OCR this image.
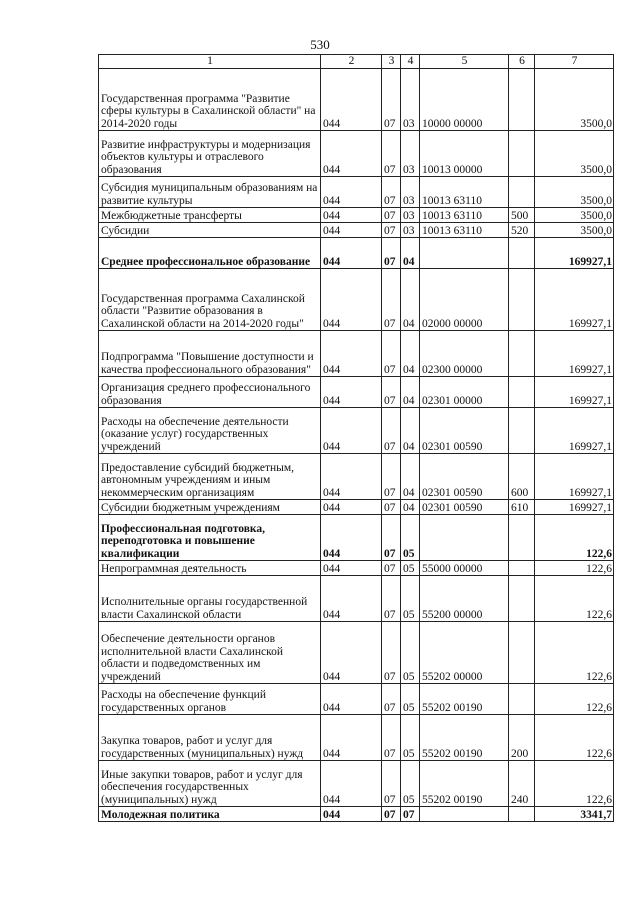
530
1	2	3	4	5	6	7
Государственная программа "Развитие сферы культуры в Сахалинской области" на 2014-2020 годы	044	07	03	10000 00000		3500,0
Развитие инфраструктуры и модернизация объектов культуры и отраслевого образования	044	07	03	10013 00000		3500,0
Субсидия муниципальным образованиям на развитие культуры	044	07	03	10013 63110		3500,0
Межбюджетные трансферты	044	07	03	10013 63110	500	3500,0
Субсидии	044	07	03	10013 63110	520	3500,0
Среднее профессиональное образование	044	07	04			169927,1
Государственная программа Сахалинской области "Развитие образования в Сахалинской области на 2014-2020 годы"	044	07	04	02000 00000		169927,1
Подпрограмма "Повышение доступности и качества профессионального образования"	044	07	04	02300 00000		169927,1
Организация среднего профессионального образования	044	07	04	02301 00000		169927,1
Расходы на обеспечение деятельности (оказание услуг) государственных учреждений	044	07	04	02301 00590		169927,1
Предоставление субсидий бюджетным, автономным учреждениям и иным некоммерческим организациям	044	07	04	02301 00590	600	169927,1
Субсидии бюджетным учреждениям	044	07	04	02301 00590	610	169927,1
Профессиональная подготовка, переподготовка и повышение квалификации	044	07	05			122,6
Непрограммная деятельность	044	07	05	55000 00000		122,6
Исполнительные органы государственной власти Сахалинской области	044	07	05	55200 00000		122,6
Обеспечение деятельности органов исполнительной власти Сахалинской области и подведомственных им учреждений	044	07	05	55202 00000		122,6
Расходы на обеспечение функций государственных органов	044	07	05	55202 00190		122,6
Закупка товаров, работ и услуг для государственных (муниципальных) нужд	044	07	05	55202 00190	200	122,6
Иные закупки товаров, работ и услуг для обеспечения государственных (муниципальных) нужд	044	07	05	55202 00190	240	122,6
Молодежная политика	044	07	07			3341,7
